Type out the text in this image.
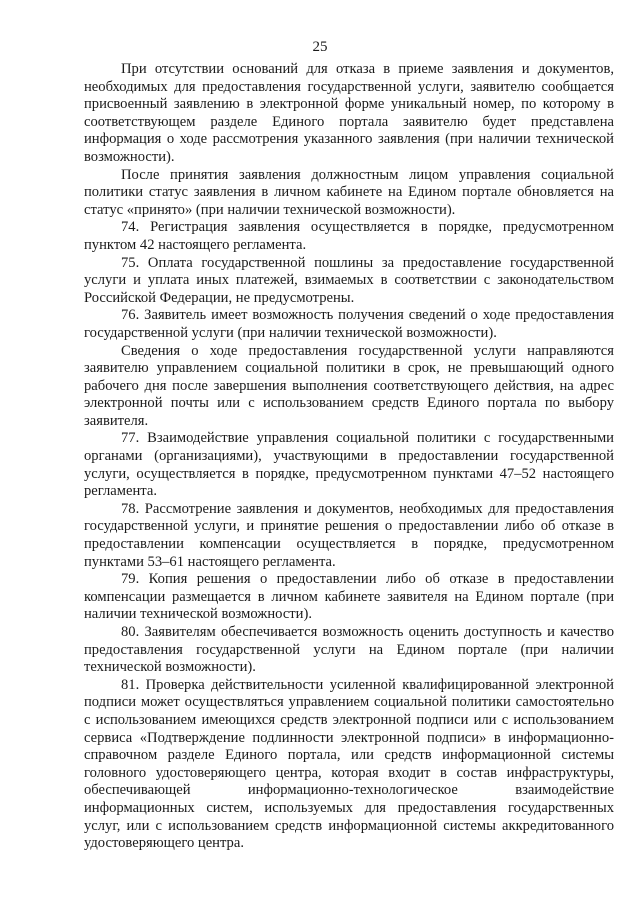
25

При отсутствии оснований для отказа в приеме заявления и документов, необходимых для предоставления государственной услуги, заявителю сообщается присвоенный заявлению в электронной форме уникальный номер, по которому в соответствующем разделе Единого портала заявителю будет представлена информация о ходе рассмотрения указанного заявления (при наличии технической возможности).

После принятия заявления должностным лицом управления социальной политики статус заявления в личном кабинете на Едином портале обновляется на статус «принято» (при наличии технической возможности).

74. Регистрация заявления осуществляется в порядке, предусмотренном пунктом 42 настоящего регламента.

75. Оплата государственной пошлины за предоставление государственной услуги и уплата иных платежей, взимаемых в соответствии с законодательством Российской Федерации, не предусмотрены.

76. Заявитель имеет возможность получения сведений о ходе предоставления государственной услуги (при наличии технической возможности).

Сведения о ходе предоставления государственной услуги направляются заявителю управлением социальной политики в срок, не превышающий одного рабочего дня после завершения выполнения соответствующего действия, на адрес электронной почты или с использованием средств Единого портала по выбору заявителя.

77. Взаимодействие управления социальной политики с государственными органами (организациями), участвующими в предоставлении государственной услуги, осуществляется в порядке, предусмотренном пунктами 47–52 настоящего регламента.

78. Рассмотрение заявления и документов, необходимых для предоставления государственной услуги, и принятие решения о предоставлении либо об отказе в предоставлении компенсации осуществляется в порядке, предусмотренном пунктами 53–61 настоящего регламента.

79. Копия решения о предоставлении либо об отказе в предоставлении компенсации размещается в личном кабинете заявителя на Едином портале (при наличии технической возможности).

80. Заявителям обеспечивается возможность оценить доступность и качество предоставления государственной услуги на Едином портале (при наличии технической возможности).

81. Проверка действительности усиленной квалифицированной электронной подписи может осуществляться управлением социальной политики самостоятельно с использованием имеющихся средств электронной подписи или с использованием сервиса «Подтверждение подлинности электронной подписи» в информационно-справочном разделе Единого портала, или средств информационной системы головного удостоверяющего центра, которая входит в состав инфраструктуры, обеспечивающей информационно-технологическое взаимодействие информационных систем, используемых для предоставления государственных услуг, или с использованием средств информационной системы аккредитованного удостоверяющего центра.
